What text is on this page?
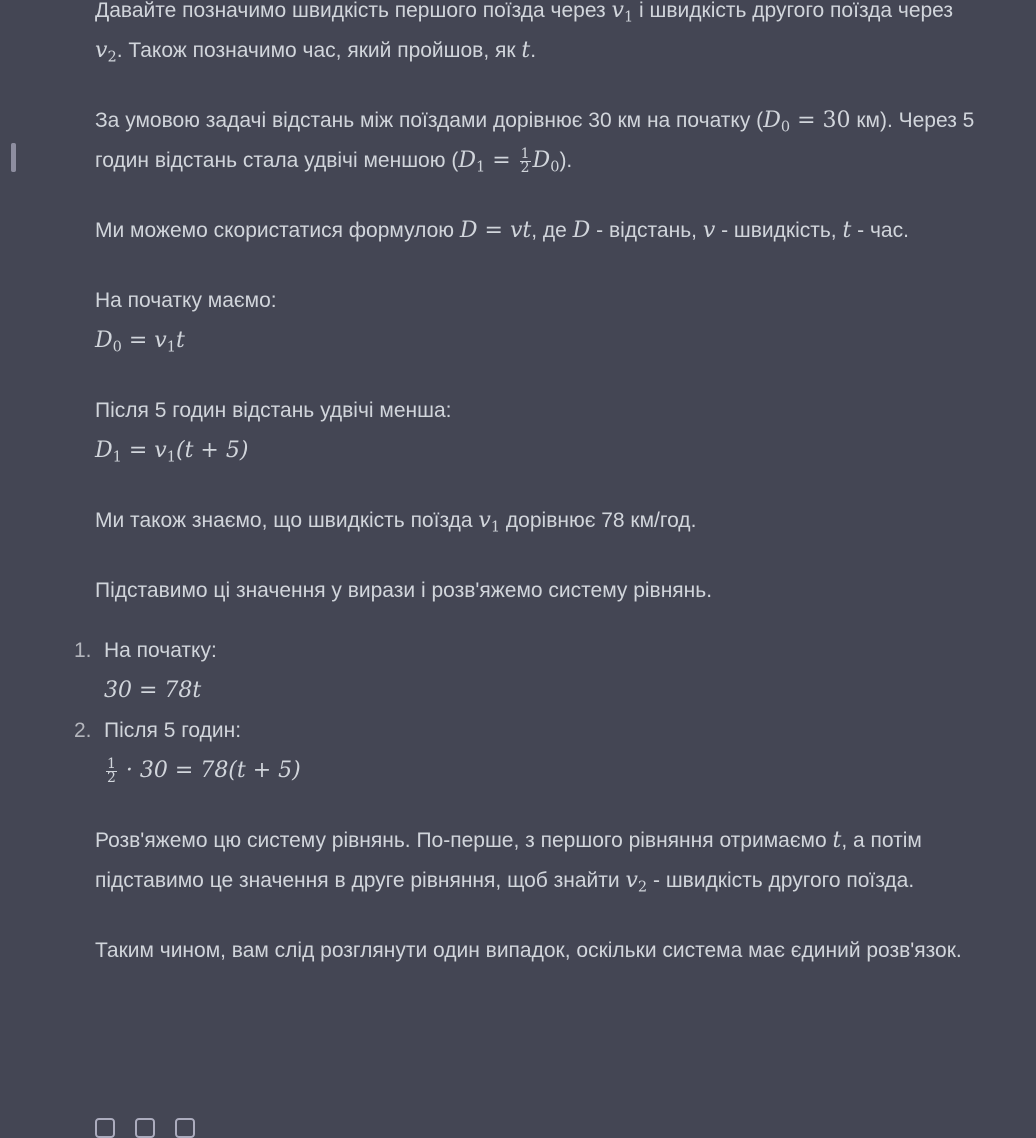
Давайте позначимо швидкість першого поїзда через $v_1$ і швидкість другого поїзда через $v_2$. Також позначимо час, який пройшов, як t.

За умовою задачі відстань між поїздами дорівнює 30 км на початку ($D_0 = 30$ км). Через 5 годин відстань стала удвічі меншою $(D_1 = \frac{1}{2} D_0)$.

Ми можемо скористатися формулою D = vt, де D - відстань, v - швидкість, t - час.

На початку маємо:
$D_0 = v_1t$

Після 5 годин відстань удвічі менша:
$D_1 = v_1(t + 5)$

Ми також знаємо, що швидкість поїзда $v_1$ дорівнює 78 км/год.

Підставимо ці значення у вирази і розв'яжемо систему рівнянь.

1. На початку:
30 = 78t
2. Після 5 годин:
$\frac{1}{2} \cdot 30 = 78(t + 5)$

Розв'яжемо цю систему рівнянь. По-перше, з першого рівняння отримаємо t, а потім підставимо це значення в друге рівняння, щоб знайти $v_2$ - швидкість другого поїзда.

Таким чином, вам слід розглянути один випадок, оскільки система має єдиний розв'язок.
